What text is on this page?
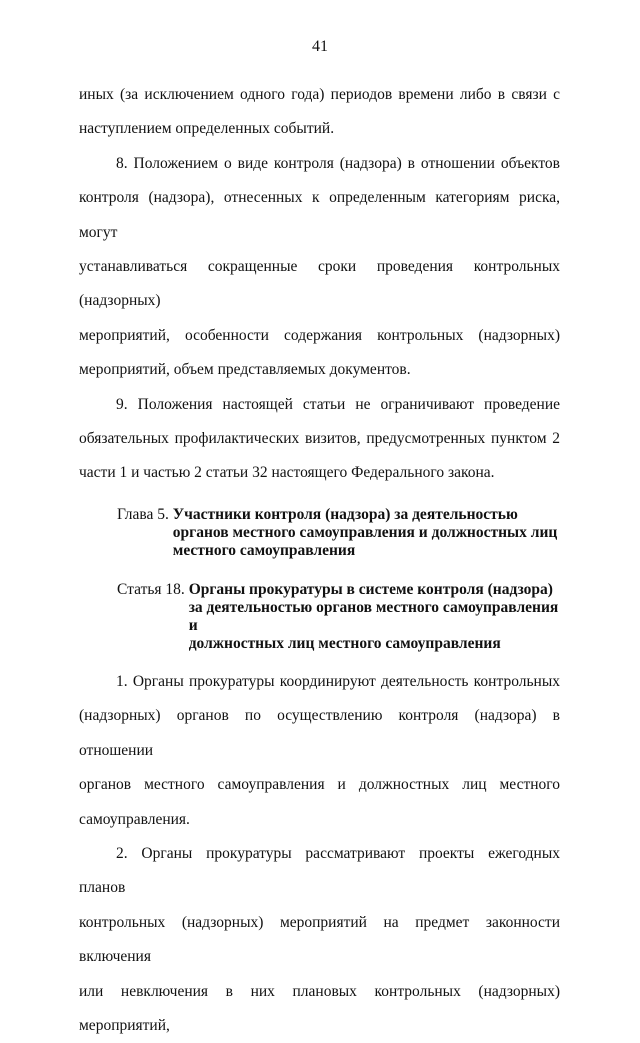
41
иных (за исключением одного года) периодов времени либо в связи с
наступлением определенных событий.
8. Положением о виде контроля (надзора) в отношении объектов
контроля (надзора), отнесенных к определенным категориям риска, могут
устанавливаться сокращенные сроки проведения контрольных (надзорных)
мероприятий, особенности содержания контрольных (надзорных)
мероприятий, объем представляемых документов.
9. Положения настоящей статьи не ограничивают проведение
обязательных профилактических визитов, предусмотренных пунктом 2
части 1 и частью 2 статьи 32 настоящего Федерального закона.
Глава 5. Участники контроля (надзора) за деятельностью
органов местного самоуправления и должностных лиц
местного самоуправления
Статья 18. Органы прокуратуры в системе контроля (надзора)
за деятельностью органов местного самоуправления и
должностных лиц местного самоуправления
1. Органы прокуратуры координируют деятельность контрольных
(надзорных) органов по осуществлению контроля (надзора) в отношении
органов местного самоуправления и должностных лиц местного
самоуправления.
2. Органы прокуратуры рассматривают проекты ежегодных планов
контрольных (надзорных) мероприятий на предмет законности включения
или невключения в них плановых контрольных (надзорных) мероприятий,
